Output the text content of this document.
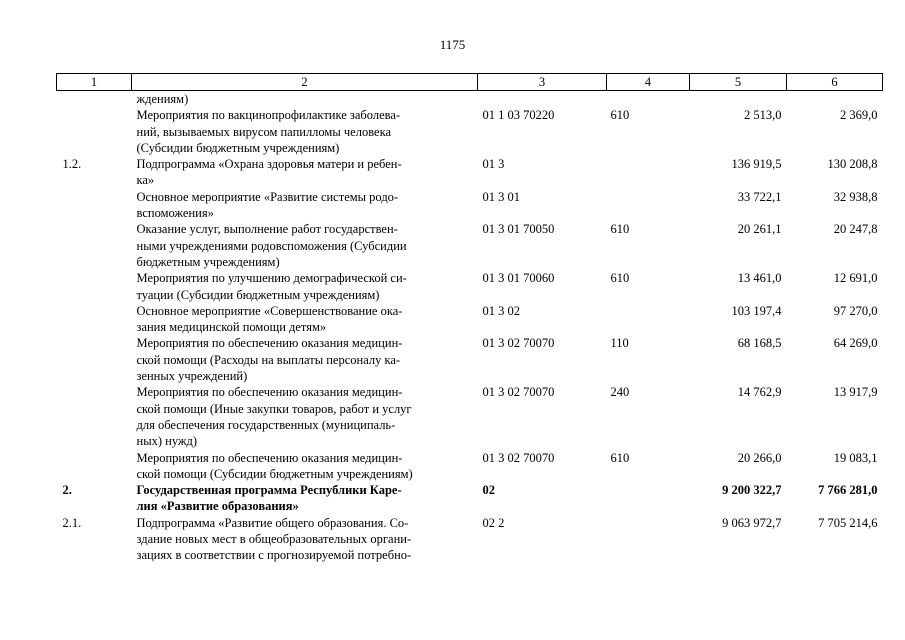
1175
1	2	3	4	5	6
	ждениям)				
	Мероприятия по вакцинопрофилактике заболева-
ний, вызываемых вирусом папилломы человека
(Субсидии бюджетным учреждениям)	01 1 03 70220	610	2 513,0	2 369,0
1.2.	Подпрограмма «Охрана здоровья матери и ребен-
ка»	01 3		136 919,5	130 208,8
	Основное мероприятие «Развитие системы родо-
вспоможения»	01 3 01		33 722,1	32 938,8
	Оказание услуг, выполнение работ государствен-
ными учреждениями родовспоможения (Субсидии
бюджетным учреждениям)	01 3 01 70050	610	20 261,1	20 247,8
	Мероприятия по улучшению демографической си-
туации (Субсидии бюджетным учреждениям)	01 3 01 70060	610	13 461,0	12 691,0
	Основное мероприятие «Совершенствование ока-
зания медицинской помощи детям»	01 3 02		103 197,4	97 270,0
	Мероприятия по обеспечению оказания медицин-
ской помощи (Расходы на выплаты персоналу ка-
зенных учреждений)	01 3 02 70070	110	68 168,5	64 269,0
	Мероприятия по обеспечению оказания медицин-
ской помощи (Иные закупки товаров, работ и услуг
для обеспечения государственных (муниципаль-
ных) нужд)	01 3 02 70070	240	14 762,9	13 917,9
	Мероприятия по обеспечению оказания медицин-
ской помощи (Субсидии бюджетным учреждениям)	01 3 02 70070	610	20 266,0	19 083,1
2.	Государственная программа Республики Каре-
лия «Развитие образования»	02		9 200 322,7	7 766 281,0
2.1.	Подпрограмма «Развитие общего образования. Со-
здание новых мест в общеобразовательных органи-
зациях в соответствии с прогнозируемой потребно-	02 2		9 063 972,7	7 705 214,6
